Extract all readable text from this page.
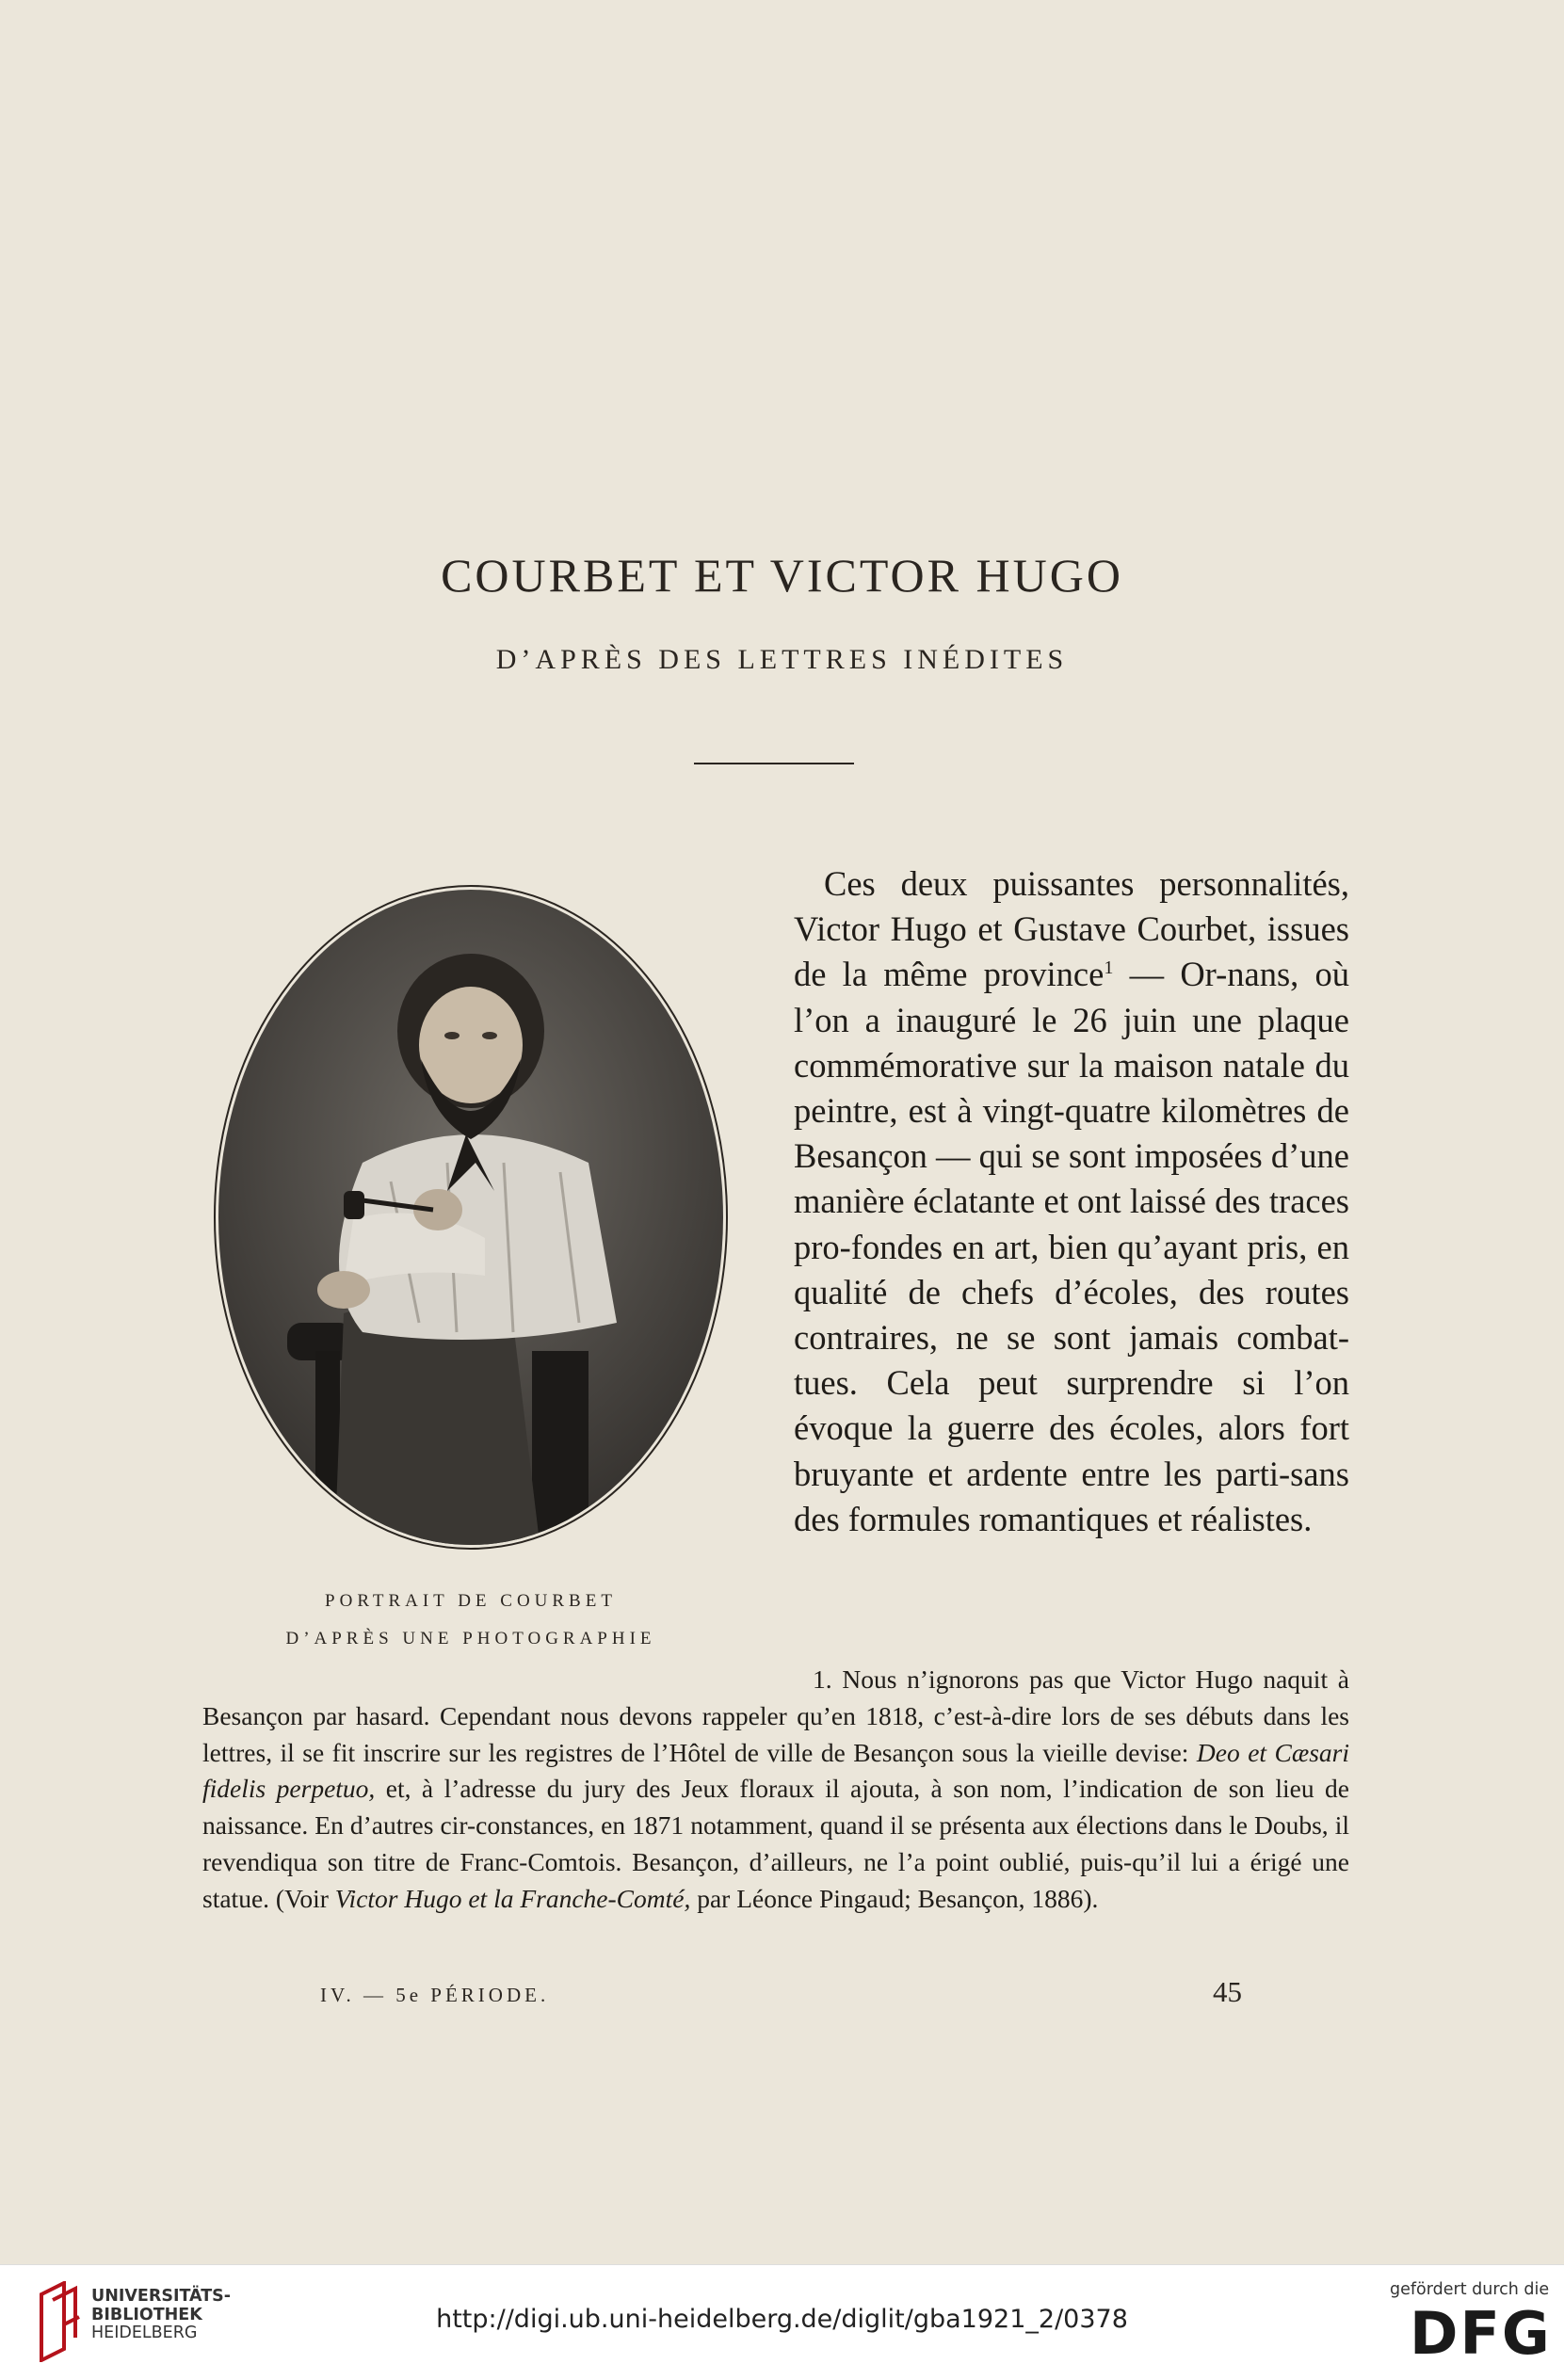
COURBET ET VICTOR HUGO
D’APRÈS DES LETTRES INÉDITES

PORTRAIT DE COURBET

D’APRÈS UNE PHOTOGRAPHIE

Ces deux puissantes personnalités, Victor Hugo et Gustave Courbet, issues de la même province$^1$ — Or-nans, où l’on a inauguré le 26 juin une plaque commémorative sur la maison natale du peintre, est à vingt-quatre kilomètres de Besançon — qui se sont imposées d’une manière éclatante et ont laissé des traces pro-fondes en art, bien qu’ayant pris, en qualité de chefs d’écoles, des routes contraires, ne se sont jamais combat-tues. Cela peut surprendre si l’on évoque la guerre des écoles, alors fort bruyante et ardente entre les parti-sans des formules romantiques et réalistes.

1. Nous n’ignorons pas que Victor Hugo naquit à Besançon par hasard. Cependant nous devons rappeler qu’en 1818, c’est-à-dire lors de ses débuts dans les lettres, il se fit inscrire sur les registres de l’Hôtel de ville de Besançon sous la vieille devise: Deo et Cæsari fidelis perpetuo, et, à l’adresse du jury des Jeux floraux il ajouta, à son nom, l’indication de son lieu de naissance. En d’autres cir-constances, en 1871 notamment, quand il se présenta aux élections dans le Doubs, il revendiqua son titre de Franc-Comtois. Besançon, d’ailleurs, ne l’a point oublié, puis-qu’il lui a érigé une statue. (Voir Victor Hugo et la Franche-Comté, par Léonce Pingaud; Besançon, 1886).

IV. — 5e PÉRIODE.	45
UNIVERSITÄTS-
BIBLIOTHEK
HEIDELBERG	http://digi.ub.uni-heidelberg.de/diglit/gba1921_2/0378
gefördert durch die
DFG
